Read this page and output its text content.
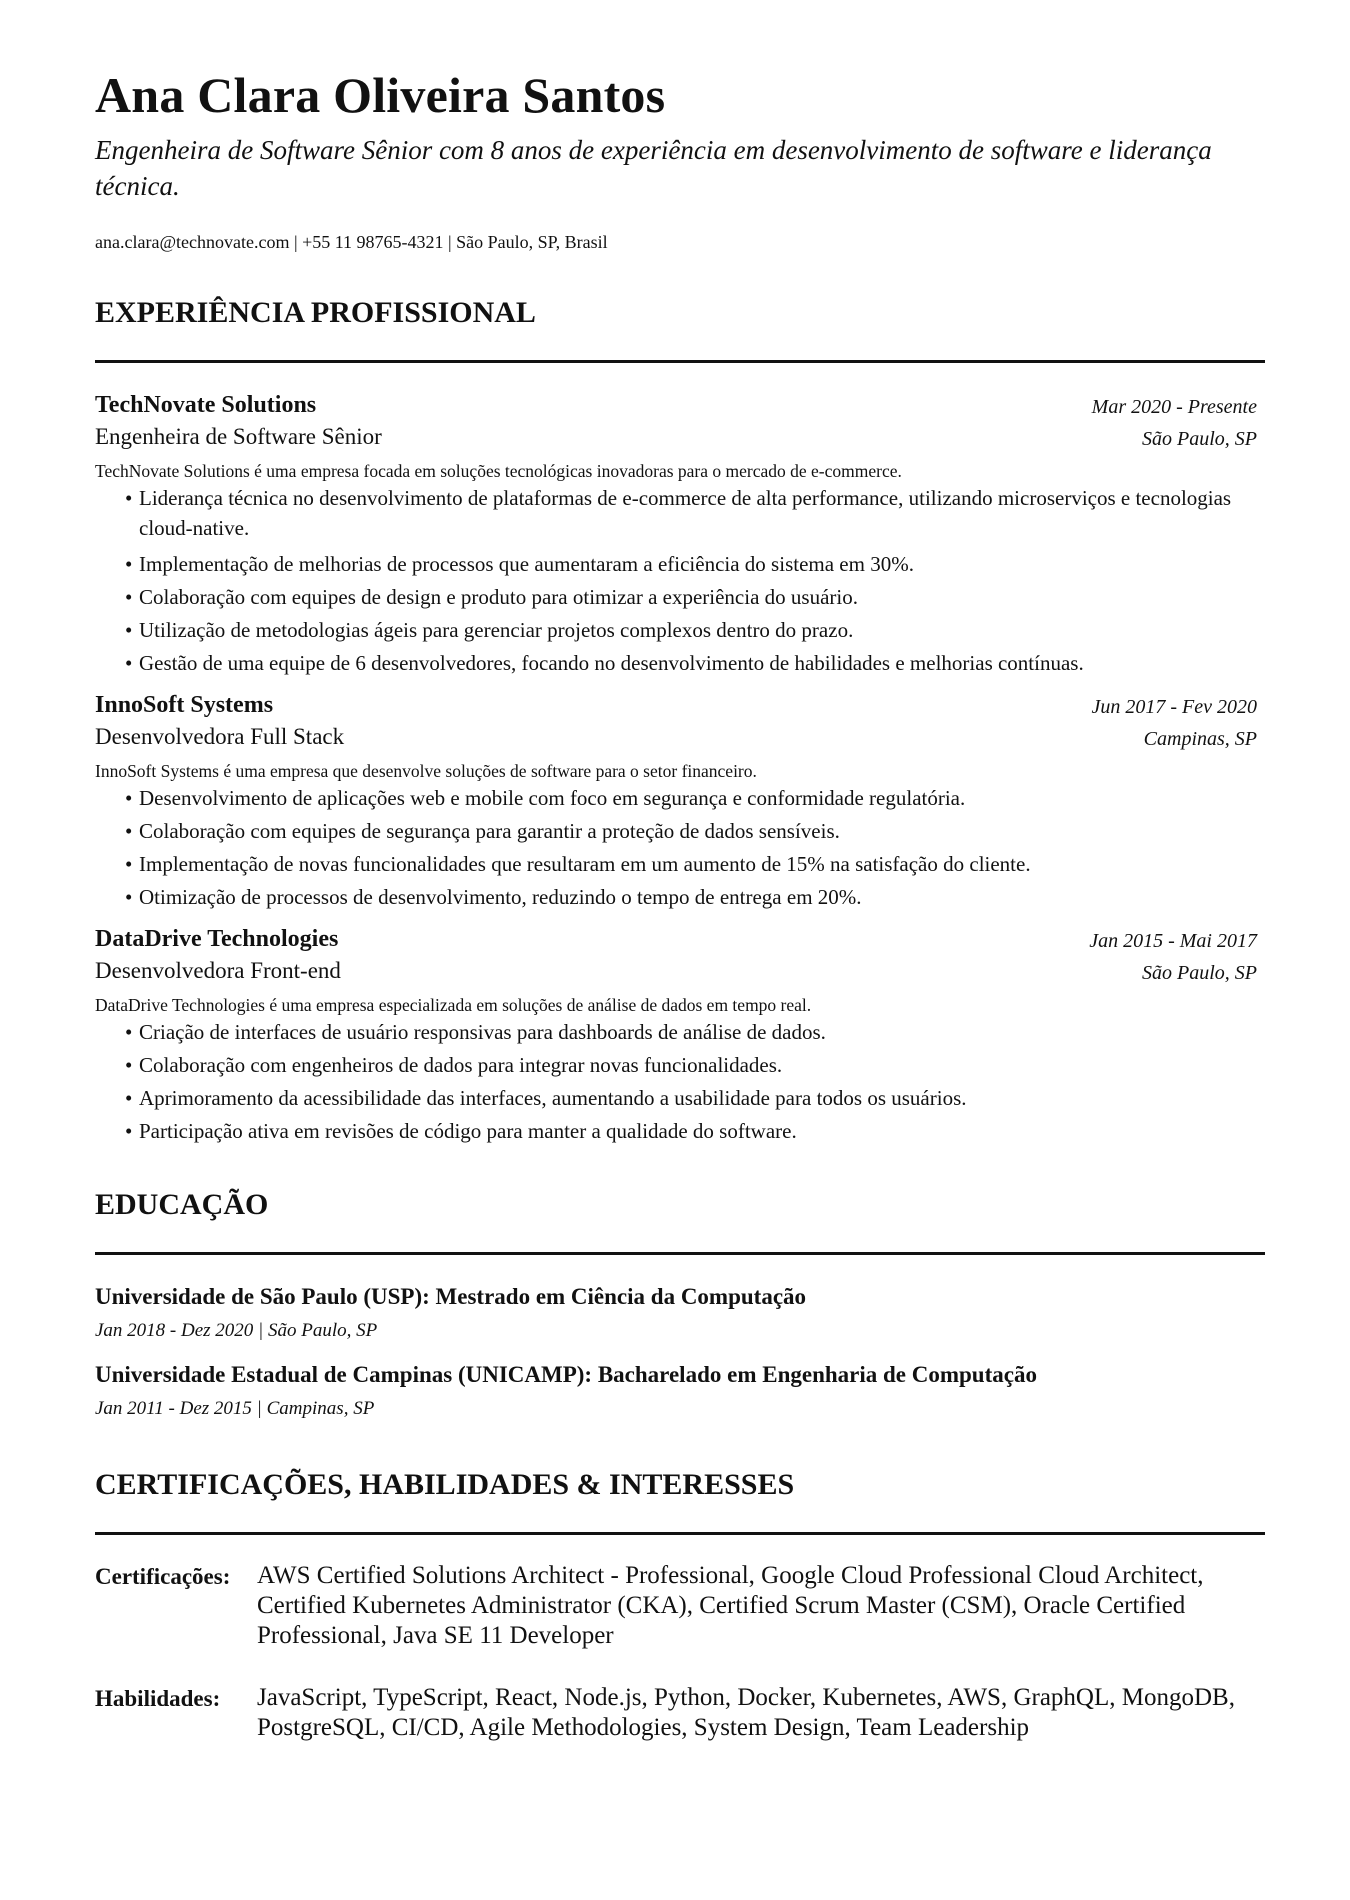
Ana Clara Oliveira Santos
Engenheira de Software Sênior com 8 anos de experiência em desenvolvimento de software e liderança técnica.
ana.clara@technovate.com | +55 11 98765-4321 | São Paulo, SP, Brasil
EXPERIÊNCIA PROFISSIONAL
TechNovate Solutions	Mar 2020 - Presente
Engenheira de Software Sênior	São Paulo, SP
TechNovate Solutions é uma empresa focada em soluções tecnológicas inovadoras para o mercado de e-commerce.
• Liderança técnica no desenvolvimento de plataformas de e-commerce de alta performance, utilizando microserviços e tecnologias cloud-native.
• Implementação de melhorias de processos que aumentaram a eficiência do sistema em 30%.
• Colaboração com equipes de design e produto para otimizar a experiência do usuário.
• Utilização de metodologias ágeis para gerenciar projetos complexos dentro do prazo.
• Gestão de uma equipe de 6 desenvolvedores, focando no desenvolvimento de habilidades e melhorias contínuas.
InnoSoft Systems	Jun 2017 - Fev 2020
Desenvolvedora Full Stack	Campinas, SP
InnoSoft Systems é uma empresa que desenvolve soluções de software para o setor financeiro.
• Desenvolvimento de aplicações web e mobile com foco em segurança e conformidade regulatória.
• Colaboração com equipes de segurança para garantir a proteção de dados sensíveis.
• Implementação de novas funcionalidades que resultaram em um aumento de 15% na satisfação do cliente.
• Otimização de processos de desenvolvimento, reduzindo o tempo de entrega em 20%.
DataDrive Technologies	Jan 2015 - Mai 2017
Desenvolvedora Front-end	São Paulo, SP
DataDrive Technologies é uma empresa especializada em soluções de análise de dados em tempo real.
• Criação de interfaces de usuário responsivas para dashboards de análise de dados.
• Colaboração com engenheiros de dados para integrar novas funcionalidades.
• Aprimoramento da acessibilidade das interfaces, aumentando a usabilidade para todos os usuários.
• Participação ativa em revisões de código para manter a qualidade do software.
EDUCAÇÃO
Universidade de São Paulo (USP): Mestrado em Ciência da Computação
Jan 2018 - Dez 2020 | São Paulo, SP
Universidade Estadual de Campinas (UNICAMP): Bacharelado em Engenharia de Computação
Jan 2011 - Dez 2015 | Campinas, SP
CERTIFICAÇÕES, HABILIDADES & INTERESSES
Certificações: AWS Certified Solutions Architect - Professional, Google Cloud Professional Cloud Architect, Certified Kubernetes Administrator (CKA), Certified Scrum Master (CSM), Oracle Certified Professional, Java SE 11 Developer
Habilidades: JavaScript, TypeScript, React, Node.js, Python, Docker, Kubernetes, AWS, GraphQL, MongoDB, PostgreSQL, CI/CD, Agile Methodologies, System Design, Team Leadership
